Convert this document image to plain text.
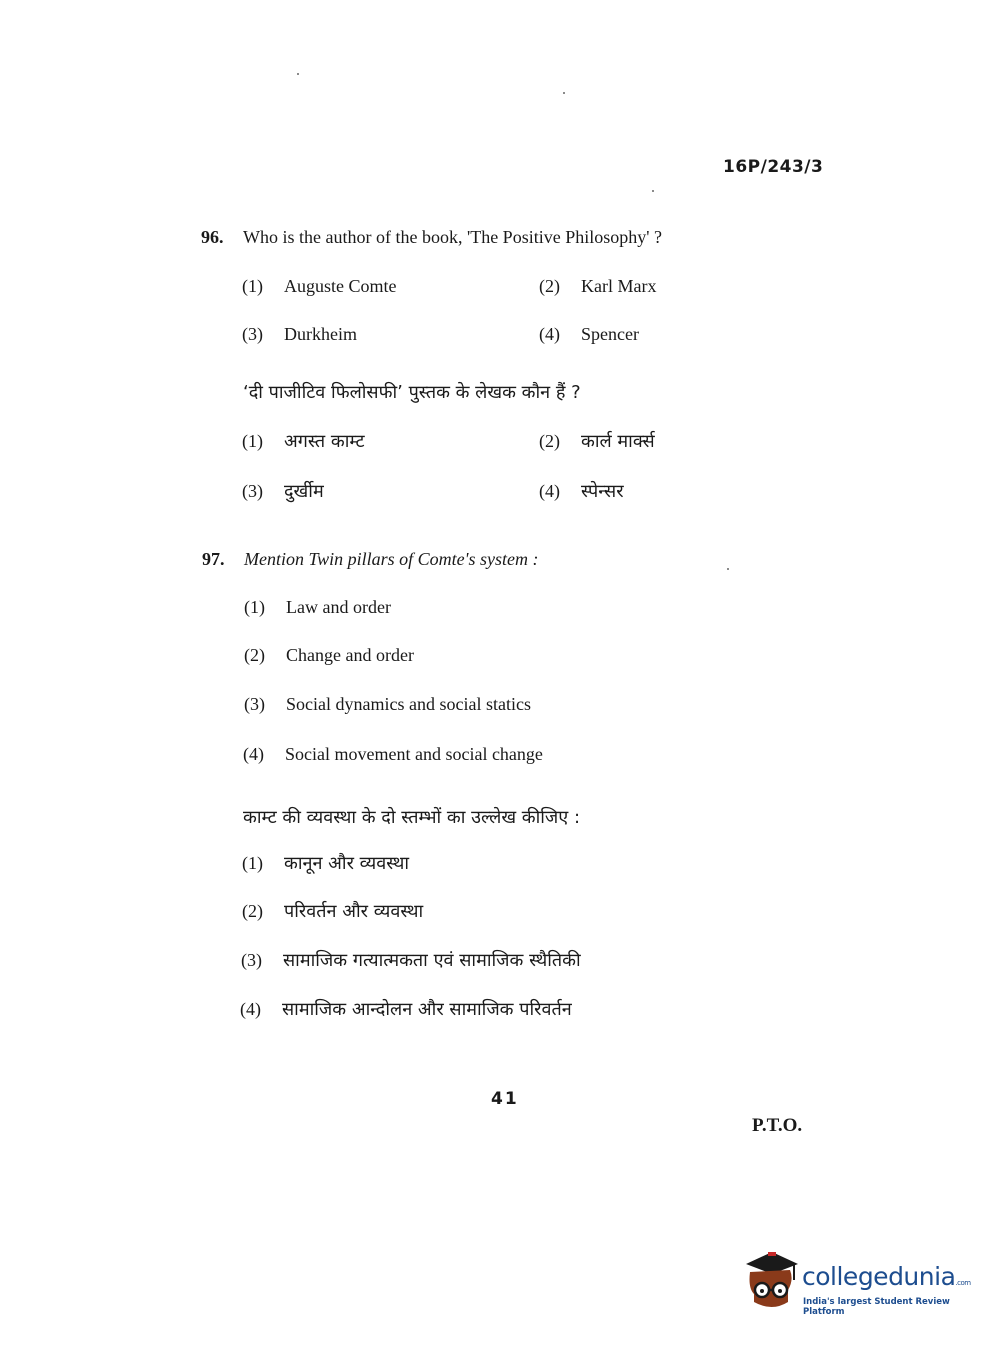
16P/243/3
96. Who is the author of the book, 'The Positive Philosophy' ?
(1) Auguste Comte	(2) Karl Marx
(3) Durkheim	(4) Spencer
‘दी पाजीटिव फिलोसफी’ पुस्तक के लेखक कौन हैं ?
(1) अगस्त काम्ट	(2) कार्ल मार्क्स
(3) दुर्खीम	(4) स्पेन्सर
97. Mention Twin pillars of Comte's system :
(1) Law and order
(2) Change and order
(3) Social dynamics and social statics
(4) Social movement and social change
काम्ट की व्यवस्था के दो स्तम्भों का उल्लेख कीजिए :
(1) कानून और व्यवस्था
(2) परिवर्तन और व्यवस्था
(3) सामाजिक गत्यात्मकता एवं सामाजिक स्थैतिकी
(4) सामाजिक आन्दोलन और सामाजिक परिवर्तन
41
P.T.O.
collegedunia.com
India's largest Student Review Platform
